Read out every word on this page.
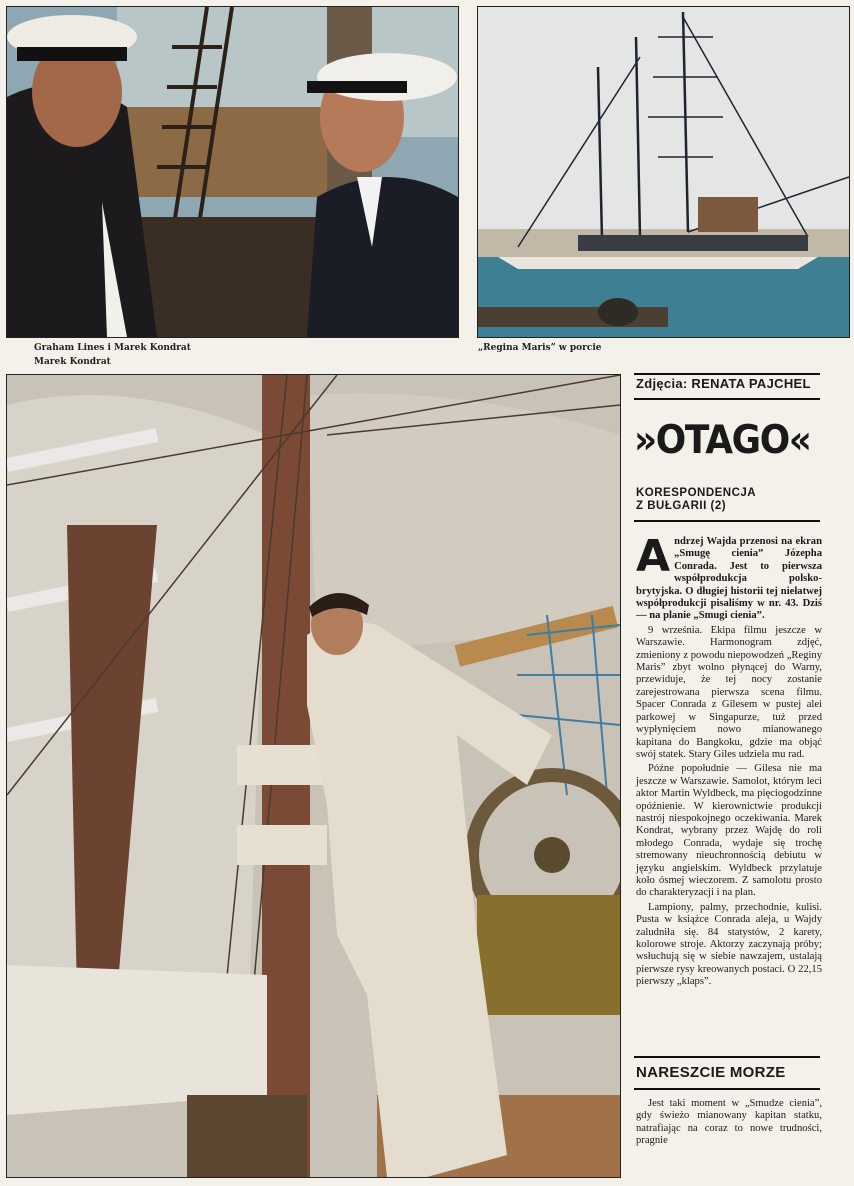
Graham Lines i Marek Kondrat
Marek Kondrat
„Regina Maris” w porcie
Zdjęcia: RENATA PAJCHEL
»OTAGO«
KORESPONDENCJA
Z BUŁGARII (2)

Andrzej Wajda przenosi na ekran „Smugę cienia” Józepha Conrada. Jest to pierwsza współprodukcja polsko-brytyjska. O długiej historii tej niełatwej współprodukcji pisaliśmy w nr. 43. Dziś — na planie „Smugi cienia”.

9 września. Ekipa filmu jeszcze w Warszawie. Harmonogram zdjęć, zmieniony z powodu niepowodzeń „Reginy Maris” zbyt wolno płynącej do Warny, przewiduje, że tej nocy zostanie zarejestrowana pierwsza scena filmu. Spacer Conrada z Gilesem w pustej alei parkowej w Singapurze, tuż przed wypłynięciem nowo mianowanego kapitana do Bangkoku, gdzie ma objąć swój statek. Stary Giles udziela mu rad.

Późne popołudnie — Gilesa nie ma jeszcze w Warszawie. Samolot, którym leci aktor Martin Wyldbeck, ma pięciogodzinne opóźnienie. W kierownictwie produkcji nastrój niespokojnego oczekiwania. Marek Kondrat, wybrany przez Wajdę do roli młodego Conrada, wydaje się trochę stremowany nieuchronnością debiutu w języku angielskim. Wyldbeck przylatuje koło ósmej wieczorem. Z samolotu prosto do charakteryzacji i na plan.

Lampiony, palmy, przechodnie, kulisi. Pusta w książce Conrada aleja, u Wajdy zaludniła się. 84 statystów, 2 karety, kolorowe stroje. Aktorzy zaczynają próby; wsłuchują się w siebie nawzajem, ustalają pierwsze rysy kreowanych postaci. O 22,15 pierwszy „klaps”.

NARESZCIE MORZE

Jest taki moment w „Smudze cienia”, gdy świeżo mianowany kapitan statku, natrafiając na coraz to nowe trudności, pragnie
